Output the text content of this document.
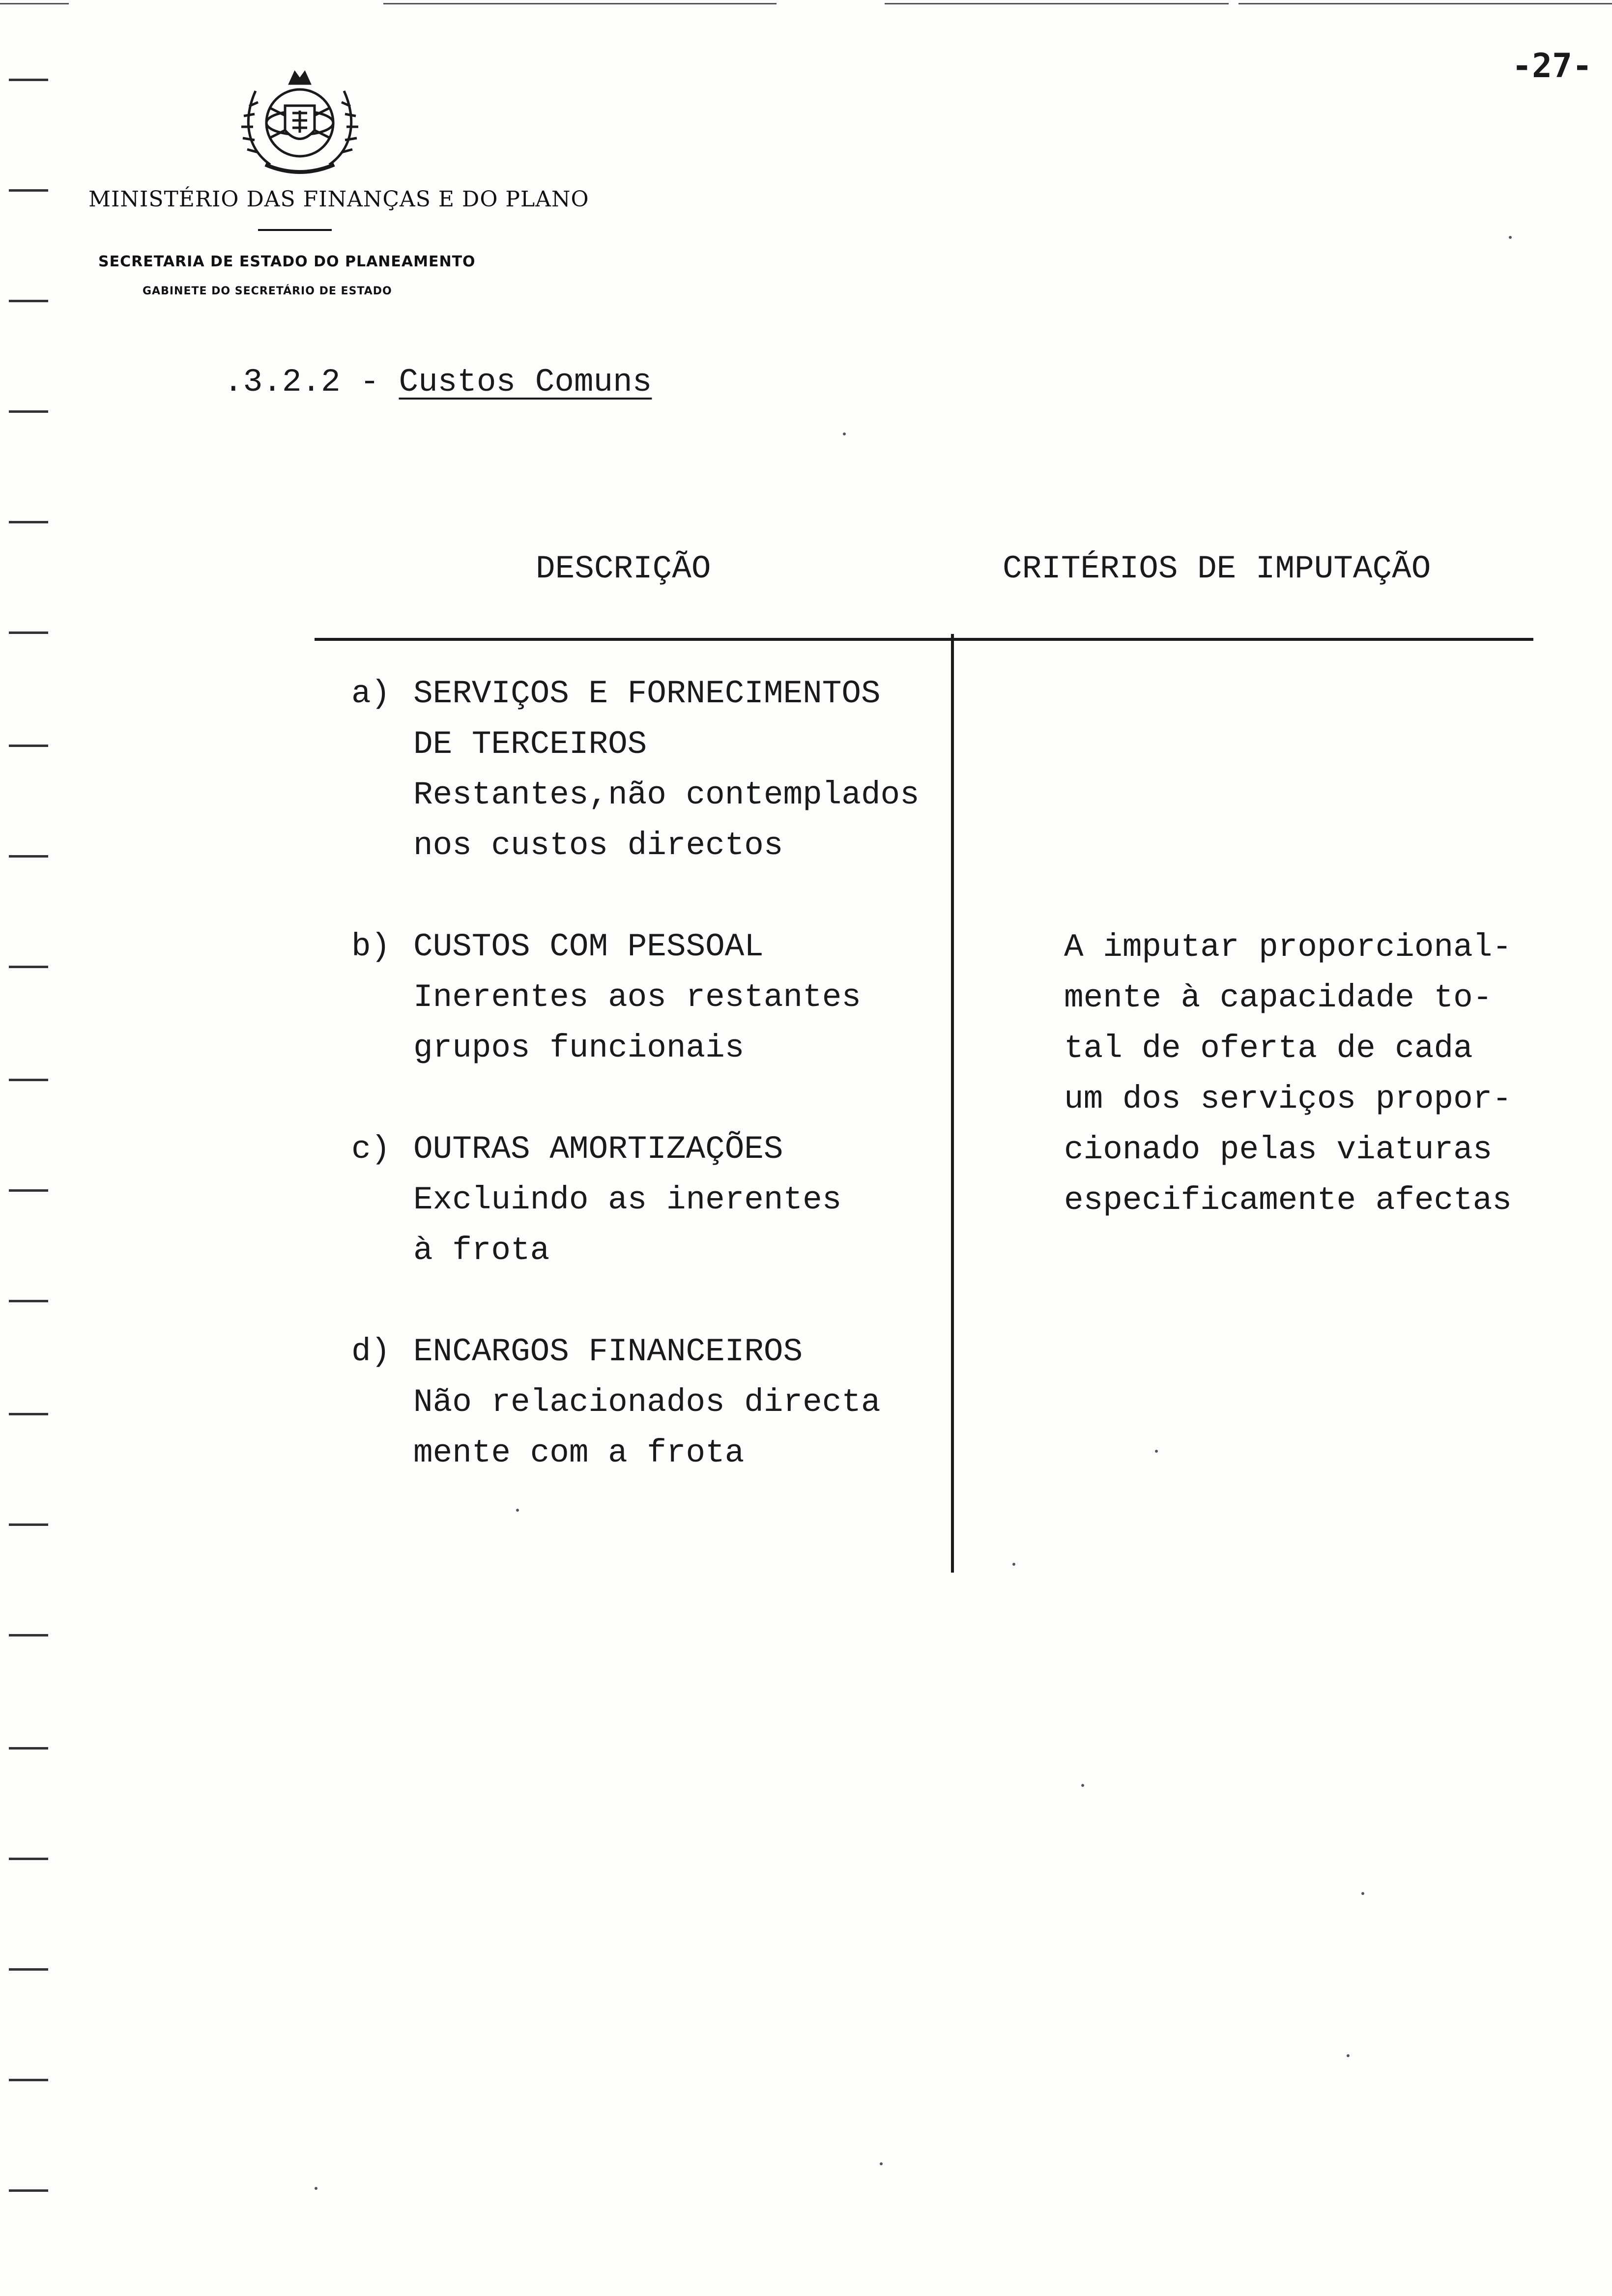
-27-
MINISTÉRIO DAS FINANÇAS E DO PLANO
SECRETARIA DE ESTADO DO PLANEAMENTO
GABINETE DO SECRETÁRIO DE ESTADO
.3.2.2 - Custos Comuns
DESCRIÇÃO	CRITÉRIOS DE IMPUTAÇÃO
a) SERVIÇOS E FORNECIMENTOS
DE TERCEIROS
Restantes,não contemplados
nos custos directos
b) CUSTOS COM PESSOAL
Inerentes aos restantes
grupos funcionais
c) OUTRAS AMORTIZAÇÕES
Excluindo as inerentes
à frota
d) ENCARGOS FINANCEIROS
Não relacionados directa
mente com a frota
A imputar proporcional-
mente à capacidade to-
tal de oferta de cada
um dos serviços propor-
cionado pelas viaturas
especificamente afectas
